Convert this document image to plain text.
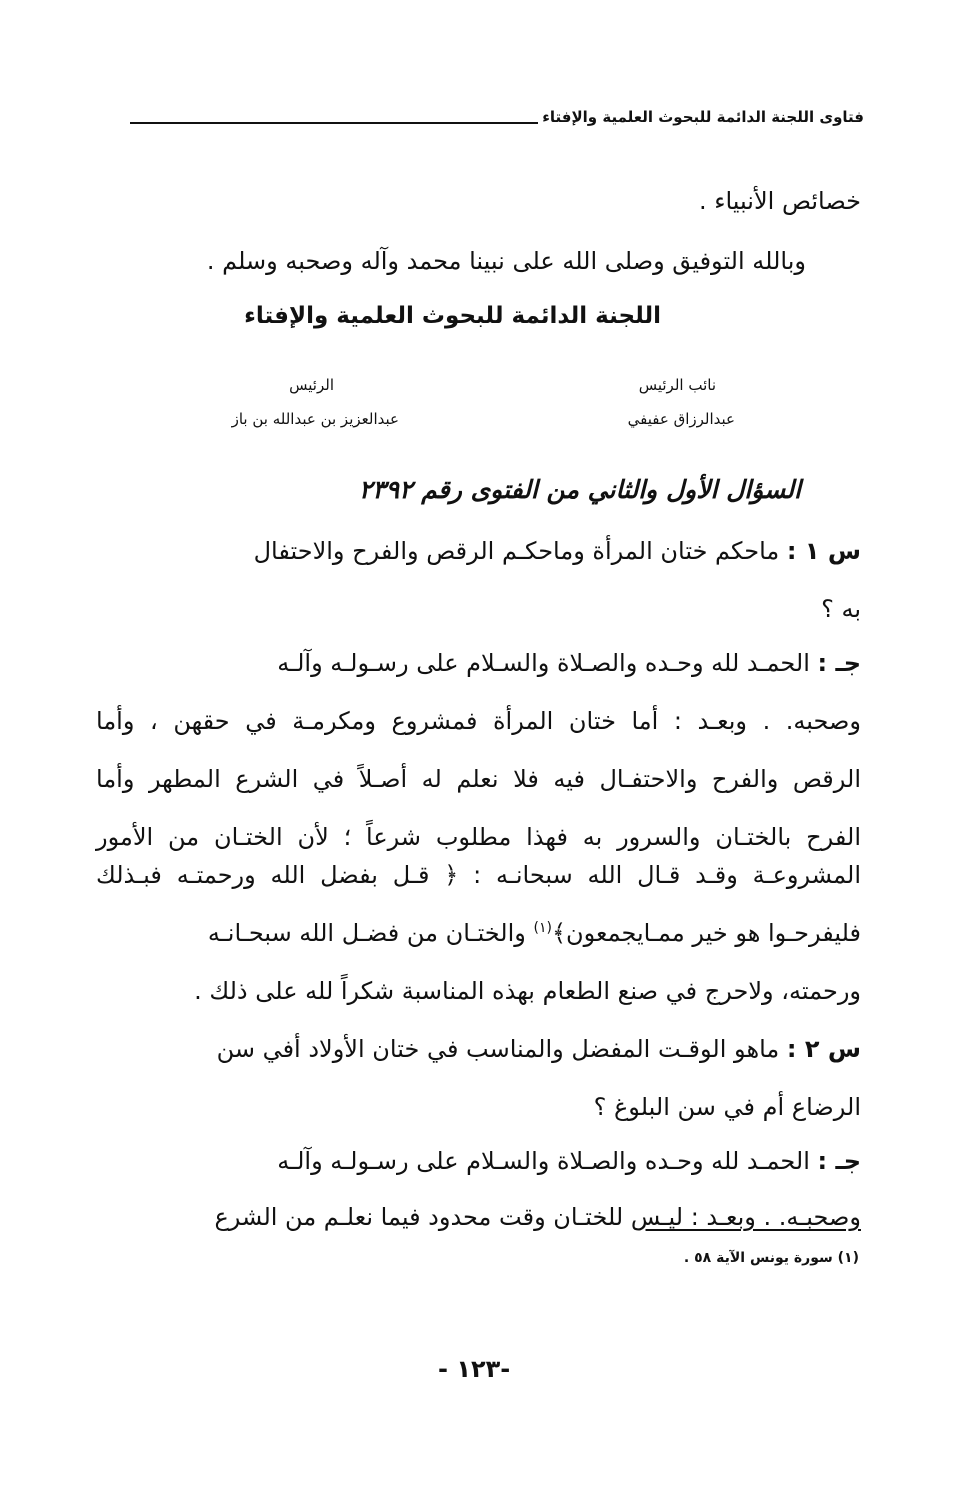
فتاوى اللجنة الدائمة للبحوث العلمية والإفتاء
خصائص الأنبياء .
وبالله التوفيق وصلى الله على نبينا محمد وآله وصحبه وسلم .
اللجنة الدائمة للبحوث العلمية والإفتاء
نائب الرئيس
عبدالرزاق عفيفي
الرئيس
عبدالعزيز بن عبدالله بن باز
السؤال الأول والثاني من الفتوى رقم ٢٣٩٢
س ١ : ماحكم ختان المرأة وماحكـم الرقص والفرح والاحتفال
به ؟
جـ : الحمـد لله وحـده والصـلاة والسـلام على رسـولـه وآلـه
وصحبه. . وبعـد : أما ختان المرأة فمشروع ومكرمـة في حقهن ، وأما
الرقص والفرح والاحتفـال فيه فلا نعلم له أصـلاً في الشرع المطهر وأما
الفرح بالختـان والسرور به فهذا مطلوب شرعاً ؛ لأن الختـان من الأمور
المشروعـة وقـد قـال الله سبحانـه : ﴿ قـل بفضل الله ورحمتـه فبـذلك
فليفرحـوا هو خير ممـايجمعون﴾$^{(١)}$ والختـان من فضـل الله سبحـانـه
ورحمته، ولاحرج في صنع الطعام بهذه المناسبة شكراً لله على ذلك .
س ٢ : ماهو الوقـت المفضل والمناسب في ختان الأولاد أفي سن
الرضاع أم في سن البلوغ ؟
جـ : الحمـد لله وحـده والصـلاة والسـلام على رسـولـه وآلـه
وصحبـه. . وبعـد : ليـس للختـان وقت محدود فيما نعلـم من الشرع
(١) سورة يونس الآية ٥٨ .
- ١٢٣-
